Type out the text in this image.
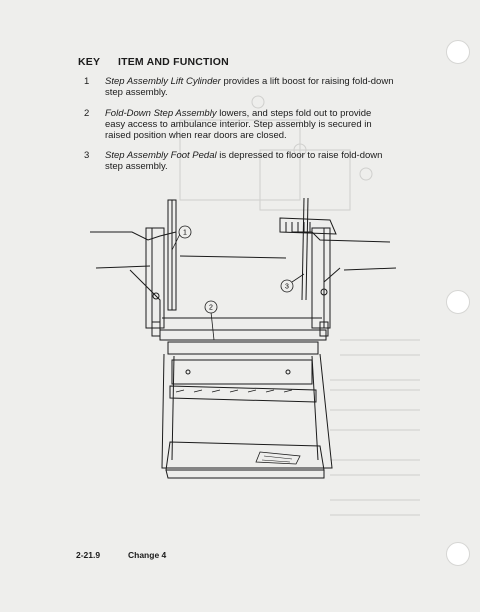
1
2
3
KEY ITEM AND FUNCTION
1	Step Assembly Lift Cylinder provides a lift boost for raising fold-down step assembly.
2	Fold-Down Step Assembly lowers, and steps fold out to provide easy access to ambulance interior. Step assembly is secured in raised position when rear doors are closed.
3	Step Assembly Foot Pedal is depressed to floor to raise fold-down step assembly.
2-21.9	Change 4
